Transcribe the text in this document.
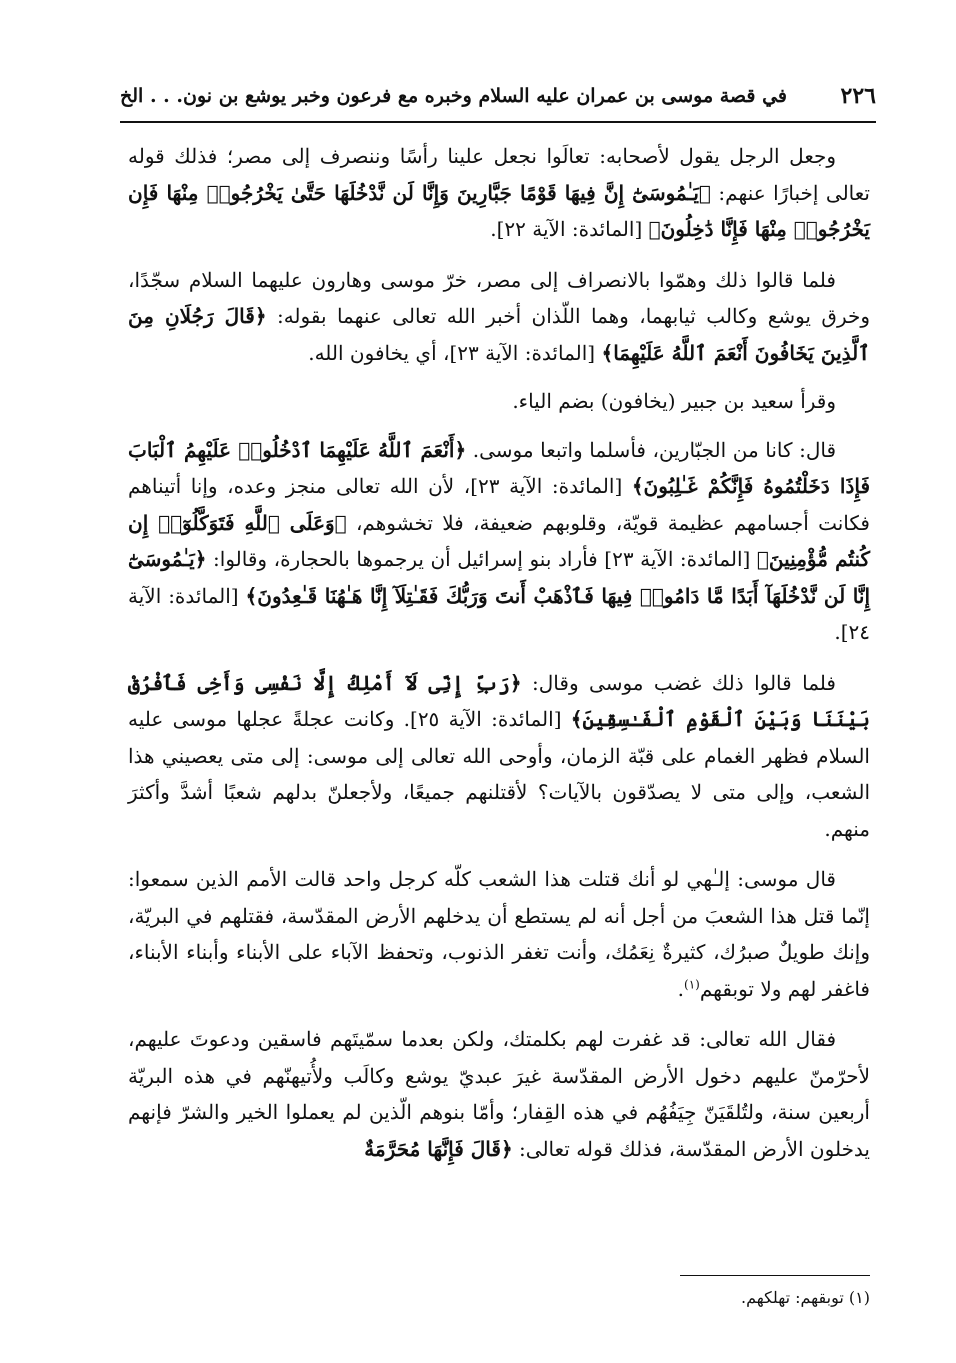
٢٢٦
في قصة موسى بن عمران عليه السلام وخبره مع فرعون وخبر يوشع بن نون. . . الخ

وجعل الرجل يقول لأصحابه: تعالَوا نجعل علينا رأسًا وننصرف إلى مصر؛ فذلك قوله تعالى إخبارًا عنهم: ﴿يَـٰمُوسَىٰٓ إِنَّ فِيهَا قَوْمًا جَبَّارِينَ وَإِنَّا لَن نَّدْخُلَهَا حَتَّىٰ يَخْرُجُوا۟ مِنْهَا فَإِن يَخْرُجُوا۟ مِنْهَا فَإِنَّا دَٰخِلُونَ﴾ [المائدة: الآية ٢٢].

فلما قالوا ذلك وهمّوا بالانصراف إلى مصر، خرّ موسى وهارون عليهما السلام سجّدًا، وخرق يوشع وكالب ثيابهما، وهما اللّذان أخبر الله تعالى عنهما بقوله: ﴿قَالَ رَجُلَانِ مِنَ ٱلَّذِينَ يَخَافُونَ أَنْعَمَ ٱللَّهُ عَلَيْهِمَا﴾ [المائدة: الآية ٢٣]، أي يخافون الله.

وقرأ سعيد بن جبير (يخافون) بضم الياء.

قال: كانا من الجبّارين، فأسلما واتبعا موسى. ﴿أَنْعَمَ ٱللَّهُ عَلَيْهِمَا ٱدْخُلُوا۟ عَلَيْهِمُ ٱلْبَابَ فَإِذَا دَخَلْتُمُوهُ فَإِنَّكُمْ غَـٰلِبُونَ﴾ [المائدة: الآية ٢٣]، لأن الله تعالى منجز وعده، وإنا أتيناهم فكانت أجسامهم عظيمة قويّة، وقلوبهم ضعيفة، فلا تخشوهم، ﴿وَعَلَى ٱللَّهِ فَتَوَكَّلُوٓا۟ إِن كُنتُم مُّؤْمِنِينَ﴾ [المائدة: الآية ٢٣] فأراد بنو إسرائيل أن يرجموها بالحجارة، وقالوا: ﴿يَـٰمُوسَىٰٓ إِنَّا لَن نَّدْخُلَهَآ أَبَدًا مَّا دَامُوا۟ فِيهَا فَٱذْهَبْ أَنتَ وَرَبُّكَ فَقَـٰتِلَآ إِنَّا هَـٰهُنَا قَـٰعِدُونَ﴾ [المائدة: الآية ٢٤].

فلما قالوا ذلك غضب موسى وقال: ﴿رَبِّ إِنِّى لَآ أَمْلِكُ إِلَّا نَفْسِى وَأَخِى فَٱفْرُقْ بَيْنَنَا وَبَيْنَ ٱلْقَوْمِ ٱلْفَـٰسِقِينَ﴾ [المائدة: الآية ٢٥]. وكانت عجلةً عجلها موسى عليه السلام فظهر الغمام على قبّة الزمان، وأوحى الله تعالى إلى موسى: إلى متى يعصيني هذا الشعب، وإلى متى لا يصدّقون بالآيات؟ لأقتلنهم جميعًا، ولأجعلنّ بدلهم شعبًا أشدَّ وأكثرَ منهم.

قال موسى: إلـٰهي لو أنك قتلت هذا الشعب كلّه كرجل واحد قالت الأمم الذين سمعوا: إنّما قتل هذا الشعبَ من أجل أنه لم يستطع أن يدخلهم الأرض المقدّسة، فقتلهم في البريّة، وإنك طويلٌ صبرُك، كثيرةٌ نِعَمُك، وأنت تغفر الذنوب، وتحفظ الآباء على الأبناء وأبناء الأبناء، فاغفر لهم ولا توبقهم$^{(١)}$.

فقال الله تعالى: قد غفرت لهم بكلمتك، ولكن بعدما سمّيتَهم فاسقين ودعوتَ عليهم، لأحرّمنّ عليهم دخول الأرض المقدّسة غيرَ عبديّ يوشع وكالَب ولأُتيهنّهم في هذه البريّة أربعين سنة، ولتُلقَيَنّ جِيَفُهُم في هذه القِفار؛ وأمّا بنوهم الّذين لم يعملوا الخير والشرّ فإنهم يدخلون الأرض المقدّسة، فذلك قوله تعالى: ﴿قَالَ فَإِنَّهَا مُحَرَّمَةٌ

(١) توبقهم: تهلكهم.
